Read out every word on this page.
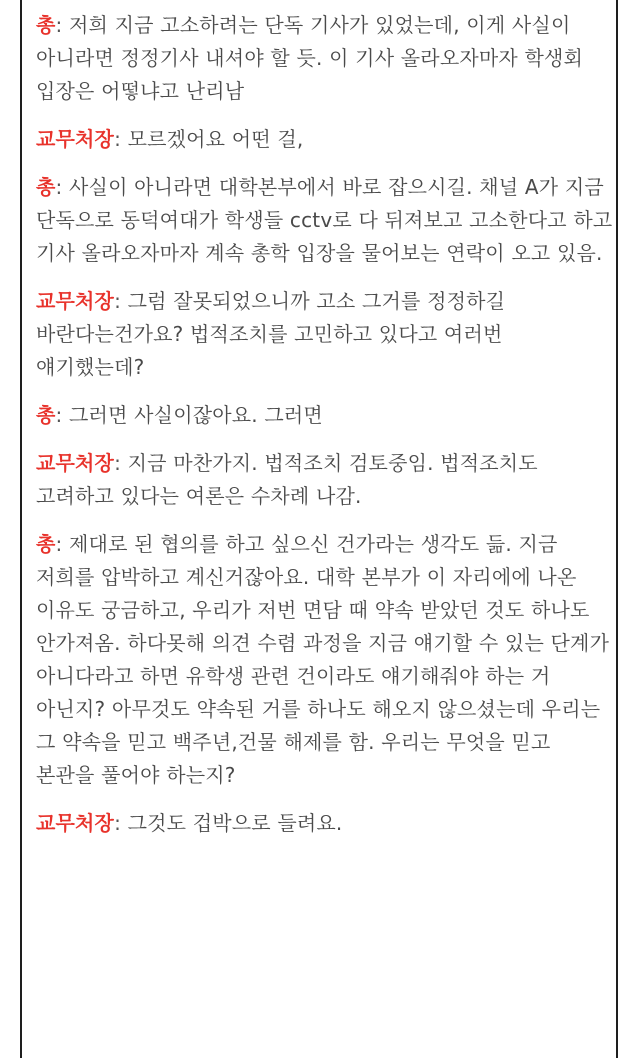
총: 저희 지금 고소하려는 단독 기사가 있었는데, 이게 사실이 아니라면 정정기사 내셔야 할 듯. 이 기사 올라오자마자 학생회 입장은 어떻냐고 난리남

교무처장: 모르겠어요 어떤 걸,

총: 사실이 아니라면 대학본부에서 바로 잡으시길. 채널 A가 지금 단독으로 동덕여대가 학생들 cctv로 다 뒤져보고 고소한다고 하고 기사 올라오자마자 계속 총학 입장을 물어보는 연락이 오고 있음.

교무처장: 그럼 잘못되었으니까 고소 그거를 정정하길 바란다는건가요? 법적조치를 고민하고 있다고 여러번 얘기했는데?

총: 그러면 사실이잖아요. 그러면

교무처장: 지금 마찬가지. 법적조치 검토중임. 법적조치도 고려하고 있다는 여론은 수차례 나감.

총: 제대로 된 협의를 하고 싶으신 건가라는 생각도 듦. 지금 저희를 압박하고 계신거잖아요. 대학 본부가 이 자리에에 나온 이유도 궁금하고, 우리가 저번 면담 때 약속 받았던 것도 하나도 안가져옴. 하다못해 의견 수렴 과정을 지금 얘기할 수 있는 단계가 아니다라고 하면 유학생 관련 건이라도 얘기해줘야 하는 거 아닌지? 아무것도 약속된 거를 하나도 해오지 않으셨는데 우리는 그 약속을 믿고 백주년,건물 해제를 함. 우리는 무엇을 믿고 본관을 풀어야 하는지?

교무처장: 그것도 겁박으로 들려요.
